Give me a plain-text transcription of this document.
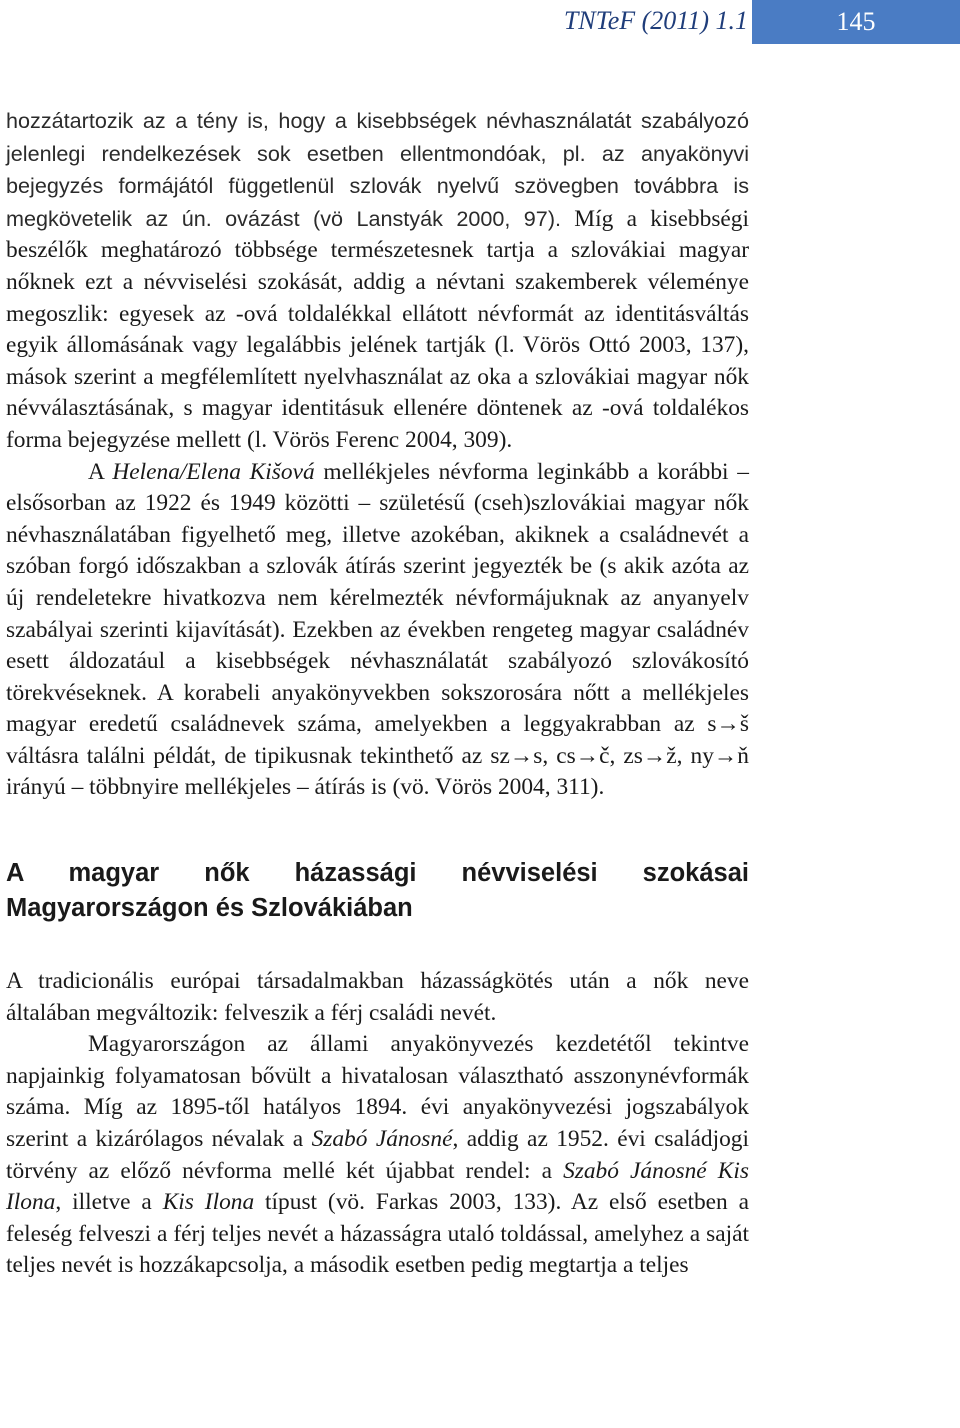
TNTeF (2011) 1.1	145

hozzátartozik az a tény is, hogy a kisebbségek névhasználatát szabályozó jelenlegi rendelkezések sok esetben ellentmondóak, pl. az anyakönyvi bejegyzés formájától függetlenül szlovák nyelvű szövegben továbbra is megkövetelik az ún. ovázást (vö Lanstyák 2000, 97). Míg a kisebbségi beszélők meghatározó többsége természetesnek tartja a szlovákiai magyar nőknek ezt a névviselési szokását, addig a névtani szakemberek véleménye megoszlik: egyesek az -ová toldalékkal ellátott névformát az identitásváltás egyik állomásának vagy legalábbis jelének tartják (l. Vörös Ottó 2003, 137), mások szerint a megfélemlített nyelvhasználat az oka a szlovákiai magyar nők névválasztásának, s magyar identitásuk ellenére döntenek az -ová toldalékos forma bejegyzése mellett (l. Vörös Ferenc 2004, 309).

A Helena/Elena Kišová mellékjeles névforma leginkább a korábbi – elsősorban az 1922 és 1949 közötti – születésű (cseh)szlovákiai magyar nők névhasználatában figyelhető meg, illetve azokéban, akiknek a családnevét a szóban forgó időszakban a szlovák átírás szerint jegyezték be (s akik azóta az új rendeletekre hivatkozva nem kérelmezték névformájuknak az anyanyelv szabályai szerinti kijavítását). Ezekben az években rengeteg magyar családnév esett áldozatául a kisebbségek névhasználatát szabályozó szlovákosító törekvéseknek. A korabeli anyakönyvekben sokszorosára nőtt a mellékjeles magyar eredetű családnevek száma, amelyekben a leggyakrabban az s→š váltásra találni példát, de tipikusnak tekinthető az sz→s, cs→č, zs→ž, ny→ň irányú – többnyire mellékjeles – átírás is (vö. Vörös 2004, 311).

A magyar nők házassági névviselési szokásai Magyarországon és Szlovákiában

A tradicionális európai társadalmakban házasságkötés után a nők neve általában megváltozik: felveszik a férj családi nevét.

Magyarországon az állami anyakönyvezés kezdetétől tekintve napjainkig folyamatosan bővült a hivatalosan választható asszonynévformák száma. Míg az 1895-től hatályos 1894. évi anyakönyvezési jogszabályok szerint a kizárólagos névalak a Szabó Jánosné, addig az 1952. évi családjogi törvény az előző névforma mellé két újabbat rendel: a Szabó Jánosné Kis Ilona, illetve a Kis Ilona típust (vö. Farkas 2003, 133). Az első esetben a feleség felveszi a férj teljes nevét a házasságra utaló toldással, amelyhez a saját teljes nevét is hozzákapcsolja, a második esetben pedig megtartja a teljes
